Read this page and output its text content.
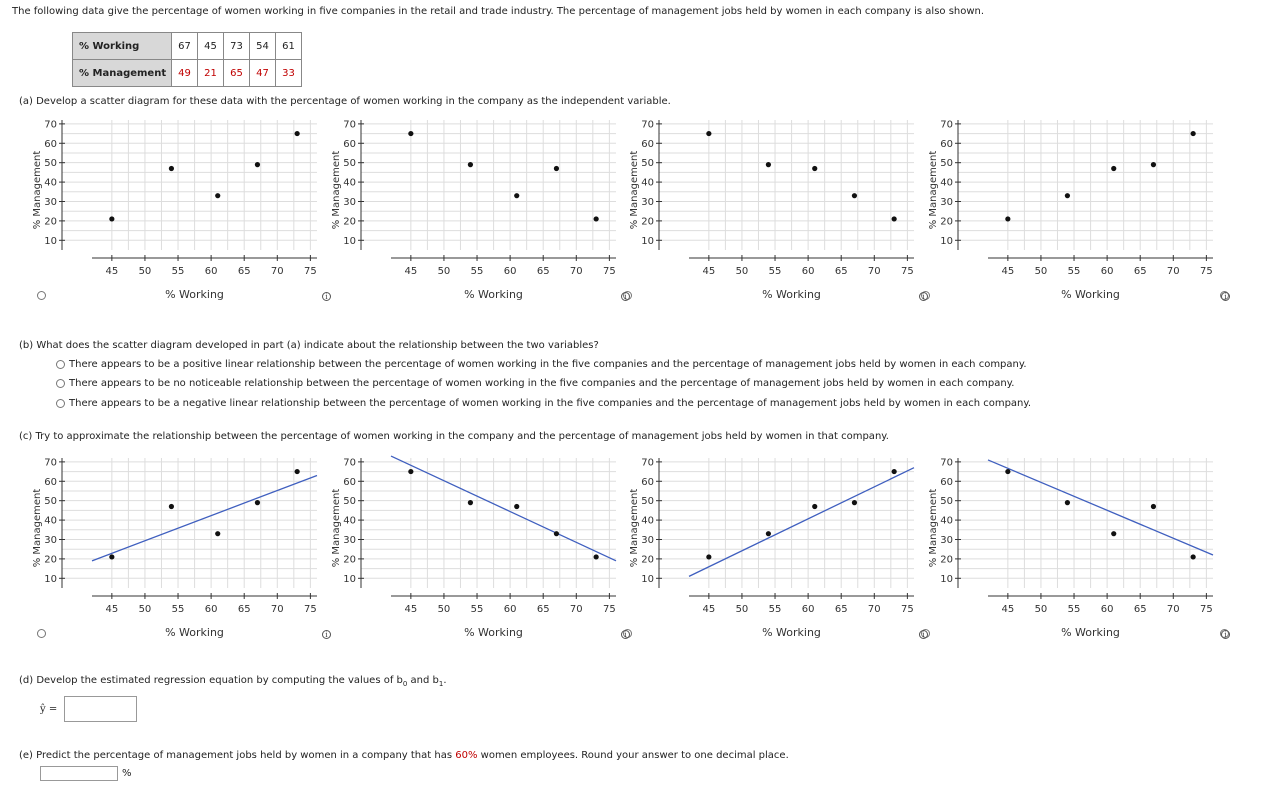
The following data give the percentage of women working in five companies in the retail and trade industry. The percentage of management jobs held by women in each company is also shown.
% Working	67	45	73	54	61
% Management	49	21	65	47	33
(a) Develop a scatter diagram for these data with the percentage of women working in the company as the independent variable.
(b) What does the scatter diagram developed in part (a) indicate about the relationship between the two variables?
There appears to be a positive linear relationship between the percentage of women working in the five companies and the percentage of management jobs held by women in each company.
There appears to be no noticeable relationship between the percentage of women working in the five companies and the percentage of management jobs held by women in each company.
There appears to be a negative linear relationship between the percentage of women working in the five companies and the percentage of management jobs held by women in each company.
(c) Try to approximate the relationship between the percentage of women working in the company and the percentage of management jobs held by women in that company.
(d) Develop the estimated regression equation by computing the values of $b_0$ and $b_1$.
ŷ =
(e) Predict the percentage of management jobs held by women in a company that has 60% women employees. Round your answer to one decimal place.
%
10
20
30
40
50
60
70
45 50 55 60 65 70 75
% Management
% Working	i
10
20
30
40
50
60
70
45 50 55 60 65 70 75
% Management
% Working	i
10
20
30
40
50
60
70
45 50 55 60 65 70 75
% Management
% Working	i
10
20
30
40
50
60
70
45 50 55 60 65 70 75
% Management
% Working	i
10
20
30
40
50
60
70
45 50 55 60 65 70 75
% Management
% Working	i
10
20
30
40
50
60
70
45 50 55 60 65 70 75
% Management
% Working	i
10
20
30
40
50
60
70
45 50 55 60 65 70 75
% Management
% Working	i
10
20
30
40
50
60
70
45 50 55 60 65 70 75
% Management
% Working	i
